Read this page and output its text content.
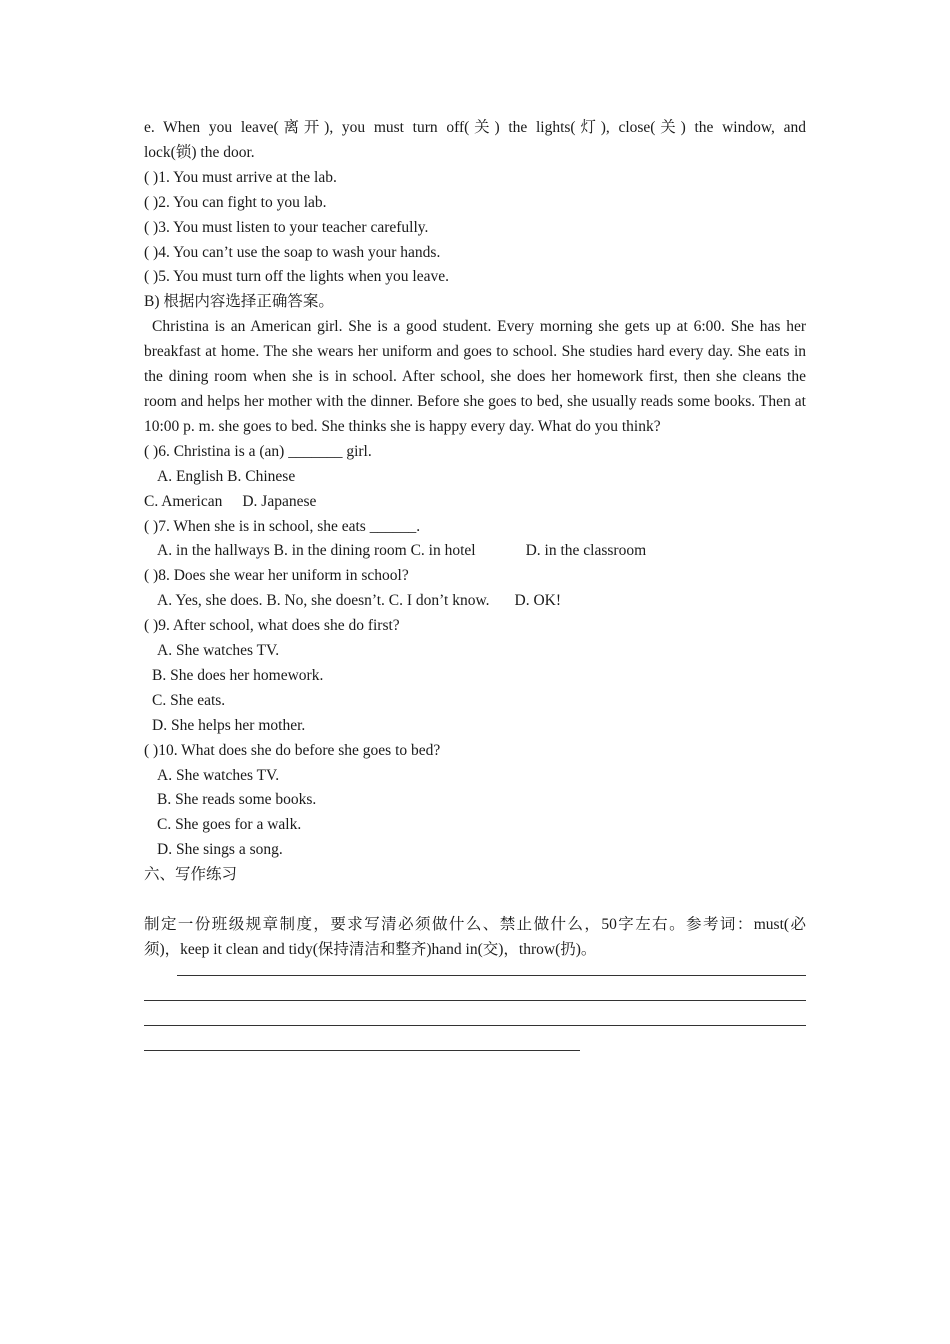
e. When you leave(离开), you must turn off(关) the lights(灯), close(关) the window, and
lock(锁) the door.
( )1. You must arrive at the lab.
( )2. You can fight to you lab.
( )3. You must listen to your teacher carefully.
( )4. You can’t use the soap to wash your hands.
( )5. You must turn off the lights when you leave.
B) 根据内容选择正确答案。
Christina is an American girl. She is a good student. Every morning she gets up at 6:00. She has her breakfast at home. The she wears her uniform and goes to school. She studies hard every day. She eats in the dining room when she is in school. After school, she does her homework first, then she cleans the room and helps her mother with the dinner. Before she goes to bed, she usually reads some books. Then at 10:00 p. m. she goes to bed. She thinks she is happy every day. What do you think?
( )6. Christina is a (an) _______ girl.
A. English B. Chinese
C. American D. Japanese
( )7. When she is in school, she eats ______.
A. in the hallways B. in the dining room C. in hotel	D. in the classroom
( )8. Does she wear her uniform in school?
A. Yes, she does. B. No, she doesn’t. C. I don’t know. D. OK!
( )9. After school, what does she do first?
A. She watches TV.
B. She does her homework.
C. She eats.
D. She helps her mother.
( )10. What does she do before she goes to bed?
A. She watches TV.
B. She reads some books.
C. She goes for a walk.
D. She sings a song.
六、写作练习
制定一份班级规章制度，要求写清必须做什么、禁止做什么，50字左右。参考词：must(必
须)，keep it clean and tidy(保持清洁和整齐)hand in(交)，throw(扔)。
